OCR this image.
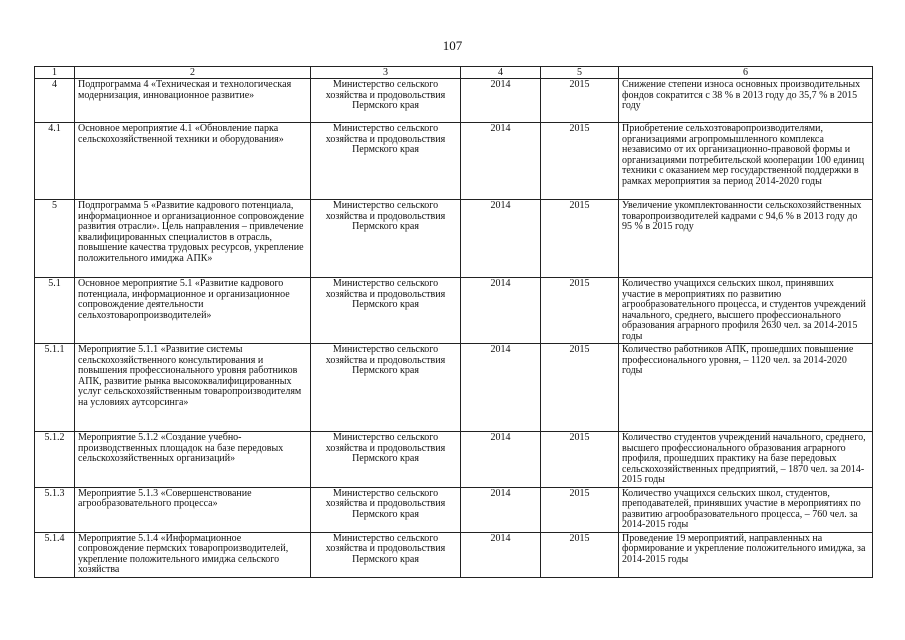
107
1	2	3	4	5	6
4	Подпрограмма 4 «Техническая и технологическая модернизация, инновационное развитие»	Министерство сельского хозяйства и продовольствия Пермского края	2014	2015	Снижение степени износа основных производительных фондов сократится с 38 % в 2013 году до 35,7 % в 2015 году
4.1	Основное мероприятие 4.1 «Обновление парка сельскохозяйственной техники и оборудования»	Министерство сельского хозяйства и продовольствия Пермского края	2014	2015	Приобретение сельхозтоваропроизводителями, организациями агропромышленного комплекса независимо от их организационно-правовой формы и организациями потребительской кооперации 100 единиц техники с оказанием мер государственной поддержки в рамках мероприятия за период 2014-2020 годы
5	Подпрограмма 5 «Развитие кадрового потенциала, информационное и организационное сопровождение развития отрасли». Цель направления – привлечение квалифицированных специалистов в отрасль, повышение качества трудовых ресурсов, укрепление положительного имиджа АПК»	Министерство сельского хозяйства и продовольствия Пермского края	2014	2015	Увеличение укомплектованности сельскохозяйственных товаропроизводителей кадрами с 94,6 % в 2013 году до 95 % в 2015 году
5.1	Основное мероприятие 5.1 «Развитие кадрового потенциала, информационное и организационное сопровождение деятельности сельхозтоваропроизводителей»	Министерство сельского хозяйства и продовольствия Пермского края	2014	2015	Количество учащихся сельских школ, принявших участие в мероприятиях по развитию агрообразовательного процесса, и студентов учреждений начального, среднего, высшего профессионального образования аграрного профиля 2630 чел. за 2014-2015 годы
5.1.1	Мероприятие 5.1.1 «Развитие системы сельскохозяйственного консультирования и повышения профессионального уровня работников АПК, развитие рынка высококвалифицированных услуг сельскохозяйственным товаропроизводителям на условиях аутсорсинга»	Министерство сельского хозяйства и продовольствия Пермского края	2014	2015	Количество работников АПК, прошедших повышение профессионального уровня, – 1120 чел. за 2014-2020 годы
5.1.2	Мероприятие 5.1.2 «Создание учебно-производственных площадок на базе передовых сельскохозяйственных организаций»	Министерство сельского хозяйства и продовольствия Пермского края	2014	2015	Количество студентов учреждений начального, среднего, высшего профессионального образования аграрного профиля, прошедших практику на базе передовых сельскохозяйственных предприятий, – 1870 чел. за 2014-2015 годы
5.1.3	Мероприятие 5.1.3 «Совершенствование агрообразовательного процесса»	Министерство сельского хозяйства и продовольствия Пермского края	2014	2015	Количество учащихся сельских школ, студентов, преподавателей, принявших участие в мероприятиях по развитию агрообразовательного процесса, – 760 чел. за 2014-2015 годы
5.1.4	Мероприятие 5.1.4 «Информационное сопровождение пермских товаропроизводителей, укрепление положительного имиджа сельского хозяйства	Министерство сельского хозяйства и продовольствия Пермского края	2014	2015	Проведение 19 мероприятий, направленных на формирование и укрепление положительного имиджа, за 2014-2015 годы
